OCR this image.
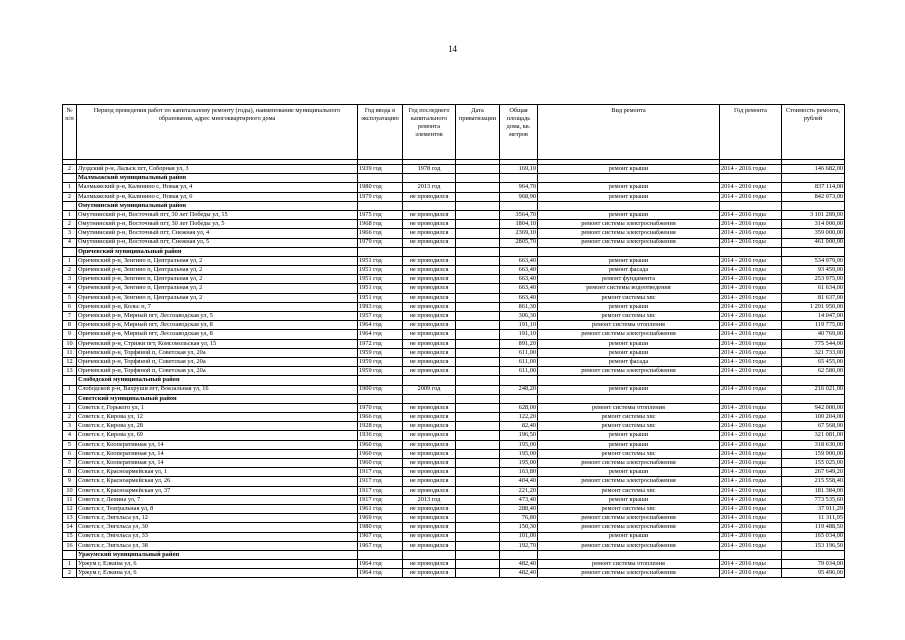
14
№ п/п	Период проведения работ по капитальному ремонту (годы), наименование муниципального образования, адрес многоквартирного дома	Год ввода в эксплуатацию	Год последнего капитального ремонта элементов	Дата приватизации	Общая площадь дома, кв. метров	Вид ремонта	Год ремонта	Стоимость ремонта, рублей

2	Луздский р-н, Лальск пгт, Соборная ул, 3	1939 год	1978 год		169,10	ремонт крыши	2014 - 2016 годы	146 682,00
	Малмыжский муниципальный район							
1	Малмыжский р-н, Калинино с, Новая ул, 4	1980 год	2013 год		964,70	ремонт крыши	2014 - 2016 годы	837 114,00
2	Малмыжский р-н, Калинино с, Новая ул, 6	1979 год	не проводился		968,90	ремонт крыши	2014 - 2016 годы	842 073,00
	Омутнинский муниципальный район							
1	Омутнинский р-н, Восточный пгт, 30 лет Победы ул, 15	1975 год	не проводился		3564,70	ремонт крыши	2014 - 2016 годы	3 101 289,00
2	Омутнинский р-н, Восточный пгт, 30 лет Победы ул, 5	1968 год	не проводился		1804,10	ремонт системы электроснабжения	2014 - 2016 годы	314 000,00
3	Омутнинский р-н, Восточный пгт, Снежная ул, 4	1966 год	не проводился		2369,10	ремонт системы электроснабжения	2014 - 2016 годы	359 000,00
4	Омутнинский р-н, Восточный пгт, Снежная ул, 5	1979 год	не проводился		2805,70	ремонт системы электроснабжения	2014 - 2016 годы	461 000,00
	Оричевский муниципальный район							
1	Оричевский р-н, Зенгино п, Центральная ул, 2	1951 год	не проводился		663,40	ремонт крыши	2014 - 2016 годы	534 979,00
2	Оричевский р-н, Зенгино п, Центральная ул, 2	1951 год	не проводился		663,40	ремонт фасада	2014 - 2016 годы	93 459,00
3	Оричевский р-н, Зенгино п, Центральная ул, 2	1951 год	не проводился		663,40	ремонт фундамента	2014 - 2016 годы	253 975,00
4	Оричевский р-н, Зенгино п, Центральная ул, 2	1951 год	не проводился		663,40	ремонт системы водоотведения	2014 - 2016 годы	61 634,00
5	Оричевский р-н, Зенгино п, Центральная ул, 2	1951 год	не проводился		663,40	ремонт системы хвс	2014 - 2016 годы	81 637,00
6	Оричевский р-н, Кольс п, 7	1993 год	не проводился		861,30	ремонт крыши	2014 - 2016 годы	1 291 950,00
7	Оричевский р-н, Мирный пгт, Лесозаводская ул, 5	1957 год	не проводился		306,30	ремонт системы хвс	2014 - 2016 годы	14 047,00
8	Оричевский р-н, Мирный пгт, Лесозаводская ул, 8	1964 год	не проводился		191,10	ремонт системы отопления	2014 - 2016 годы	119 775,00
9	Оричевский р-н, Мирный пгт, Лесозаводская ул, 8	1964 год	не проводился		191,10	ремонт системы электроснабжения	2014 - 2016 годы	40 769,00
10	Оричевский р-н, Стрижи пгт, Комсомольская ул, 15	1972 год	не проводился		891,20	ремонт крыши	2014 - 2016 годы	775 544,00
11	Оричевский р-н, Торфяной п, Советская ул, 20а	1959 год	не проводился		611,00	ремонт крыши	2014 - 2016 годы	321 733,00
12	Оричевский р-н, Торфяной п, Советская ул, 20а	1959 год	не проводился		611,00	ремонт фасада	2014 - 2016 годы	65 455,00
13	Оричевский р-н, Торфяной п, Советская ул, 20а	1959 год	не проводился		611,00	ремонт системы электроснабжения	2014 - 2016 годы	62 580,00
	Слободской муниципальный район							
1	Слободской р-н, Вахруши пгт, Вокзальная ул, 16	1900 год	2009 год		248,20	ремонт крыши	2014 - 2016 годы	216 021,00
	Советский муниципальный район							
1	Советск г, Горького ул, 1	1970 год	не проводился		628,00	ремонт системы отопления	2014 - 2016 годы	942 000,00
2	Советск г, Кирова ул, 12	1966 год	не проводился		122,20	ремонт системы хвс	2014 - 2016 годы	100 204,00
3	Советск г, Кирова ул, 28	1928 год	не проводился		82,40	ремонт системы хвс	2014 - 2016 годы	67 568,00
4	Советск г, Кирова ул, 69	1936 год	не проводился		196,50	ремонт крыши	2014 - 2016 годы	321 081,00
5	Советск г, Кооперативная ул, 14	1960 год	не проводился		195,00	ремонт крыши	2014 - 2016 годы	318 630,00
6	Советск г, Кооперативная ул, 14	1960 год	не проводился		195,00	ремонт системы хвс	2014 - 2016 годы	159 900,00
7	Советск г, Кооперативная ул, 14	1960 год	не проводился		195,00	ремонт системы электроснабжения	2014 - 2016 годы	155 025,00
8	Советск г, Красноармейская ул, 1	1917 год	не проводился		163,80	ремонт крыши	2014 - 2016 годы	267 649,20
9	Советск г, Красноармейская ул, 26	1917 год	не проводился		404,40	ремонт системы электроснабжения	2014 - 2016 годы	215 558,40
10	Советск г, Красноармейская ул, 37	1917 год	не проводился		221,20	ремонт системы хвс	2014 - 2016 годы	181 384,00
11	Советск г, Ленина ул, 7	1917 год	2013 год		473,40	ремонт крыши	2014 - 2016 годы	773 535,60
12	Советск г, Театральная ул, 8	1961 год	не проводился		288,40	ремонт системы хвс	2014 - 2016 годы	37 911,29
13	Советск г, Энгельса ул, 12	1969 год	не проводился		76,80	ремонт системы электроснабжения	2014 - 2016 годы	11 311,95
14	Советск г, Энгельса ул, 30	1980 год	не проводился		150,30	ремонт системы электроснабжения	2014 - 2016 годы	119 488,50
15	Советск г, Энгельса ул, 33	1967 год	не проводился		101,00	ремонт крыши	2014 - 2016 годы	165 034,00
16	Советск г, Энгельса ул, 38	1967 год	не проводился		192,70	ремонт системы электроснабжения	2014 - 2016 годы	153 196,50
	Уржумский муниципальный район							
1	Уржум г, Елкина ул, 6	1964 год	не проводился		482,40	ремонт системы отопления	2014 - 2016 годы	79 034,00
2	Уржум г, Елкина ул, 6	1964 год	не проводился		482,40	ремонт системы электроснабжения	2014 - 2016 годы	95 496,00
